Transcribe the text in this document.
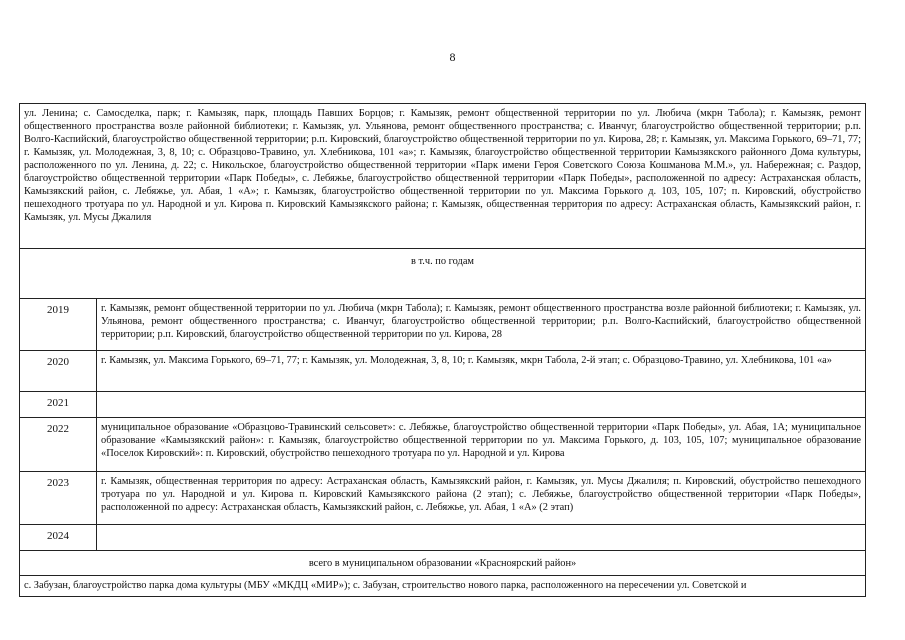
8
ул. Ленина; с. Самосделка, парк; г. Камызяк, парк, площадь Павших Борцов; г. Камызяк, ремонт общественной территории по ул. Любича (мкрн Табола); г. Камызяк, ремонт общественного пространства возле районной библиотеки; г. Камызяк, ул. Ульянова, ремонт общественного пространства; с. Иванчуг, благоустройство общественной территории; р.п. Волго-Каспийский, благоустройство общественной территории; р.п. Кировский, благоустройство общественной территории по ул. Кирова, 28; г. Камызяк, ул. Максима Горького, 69–71, 77; г. Камызяк, ул. Молодежная, 3, 8, 10; с. Образцово-Травино, ул. Хлебникова, 101 «а»; г. Камызяк, благоустройство общественной территории Камызякского районного Дома культуры, расположенного по ул. Ленина, д. 22; с. Никольское, благоустройство общественной территории «Парк имени Героя Советского Союза Кошманова М.М.», ул. Набережная; с. Раздор, благоустройство общественной территории «Парк Победы», с. Лебяжье, благоустройство общественной территории «Парк Победы», расположенной по адресу: Астраханская область, Камызякский район, с. Лебяжье, ул. Абая, 1 «А»; г. Камызяк, благоустройство общественной территории по ул. Максима Горького д. 103, 105, 107; п. Кировский, обустройство пешеходного тротуара по ул. Народной и ул. Кирова п. Кировский Камызякского района; г. Камызяк, общественная территория по адресу: Астраханская область, Камызякский район, г. Камызяк, ул. Мусы Джалиля	
в т.ч. по годам	
2019	г. Камызяк, ремонт общественной территории по ул. Любича (мкрн Табола); г. Камызяк, ремонт общественного пространства возле районной библиотеки; г. Камызяк, ул. Ульянова, ремонт общественного пространства; с. Иванчуг, благоустройство общественной территории; р.п. Волго-Каспийский, благоустройство общественной территории; р.п. Кировский, благоустройство общественной территории по ул. Кирова, 28
2020	г. Камызяк, ул. Максима Горького, 69–71, 77; г. Камызяк, ул. Молодежная, 3, 8, 10; г. Камызяк, мкрн Табола, 2-й этап; с. Образцово-Травино, ул. Хлебникова, 101 «а»
2021	
2022	муниципальное образование «Образцово-Травинский сельсовет»: с. Лебяжье, благоустройство общественной территории «Парк Победы», ул. Абая, 1А; муниципальное образование «Камызякский район»: г. Камызяк, благоустройство общественной территории по ул. Максима Горького, д. 103, 105, 107; муниципальное образование «Поселок Кировский»: п. Кировский, обустройство пешеходного тротуара по ул. Народной и ул. Кирова
2023	г. Камызяк, общественная территория по адресу: Астраханская область, Камызякский район, г. Камызяк, ул. Мусы Джалиля; п. Кировский, обустройство пешеходного тротуара по ул. Народной и ул. Кирова п. Кировский Камызякского района (2 этап); с. Лебяжье, благоустройство общественной территории «Парк Победы», расположенной по адресу: Астраханская область, Камызякский район, с. Лебяжье, ул. Абая, 1 «А» (2 этап)
2024	
всего в муниципальном образовании «Красноярский район»	
с. Забузан, благоустройство парка дома культуры (МБУ «МКДЦ «МИР»); с. Забузан, строительство нового парка, расположенного на пересечении ул. Советской и	
